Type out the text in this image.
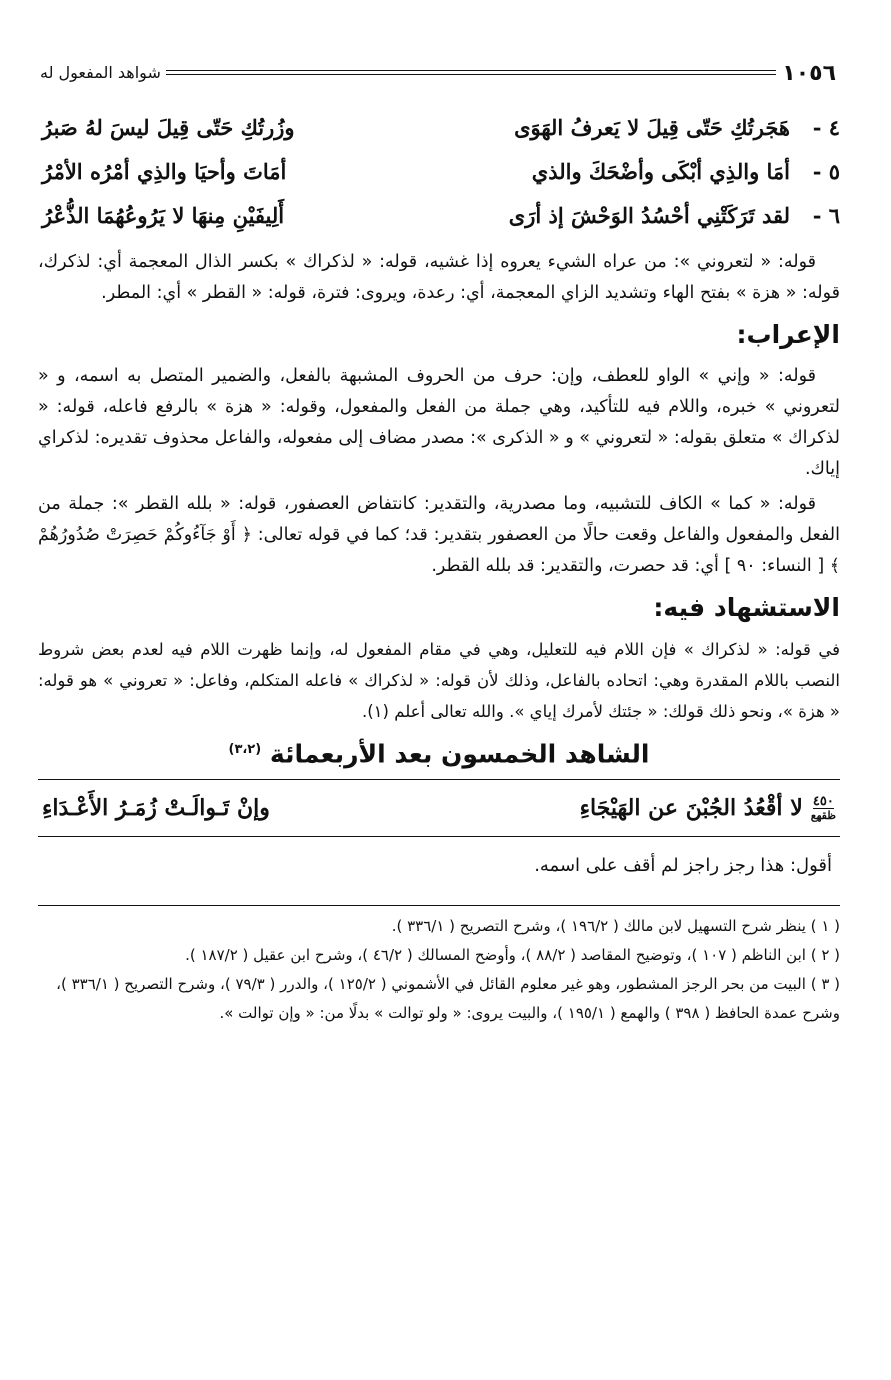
١٠٥٦
شواهد المفعول له
٤ -
هَجَرتُكِ حَتّى قِيلَ لا يَعرفُ الهَوَى
وزُرتُكِ حَتّى قِيلَ ليسَ لهُ صَبرُ
٥ -
أمَا والذِي أبْكَى وأضْحَكَ والذي
أمَاتَ وأحيَا والذِي أمْرُه الأمْرُ
٦ -
لقد تَرَكَتْنِي أحْسُدُ الوَحْشَ إذ أرَى
أَلِيفَيْنِ مِنهَا لا يَرُوعُهُمَا الذُّعْرُ

قوله: « لتعروني »: من عراه الشيء يعروه إذا غشيه، قوله: « لذكراك » بكسر الذال المعجمة أي: لذكرك، قوله: « هزة » بفتح الهاء وتشديد الزاي المعجمة، أي: رعدة، ويروى: فترة، قوله: « القطر » أي: المطر.

الإعراب:

قوله: « وإني » الواو للعطف، وإن: حرف من الحروف المشبهة بالفعل، والضمير المتصل به اسمه، و « لتعروني » خبره، واللام فيه للتأكيد، وهي جملة من الفعل والمفعول، وقوله: « هزة » بالرفع فاعله، قوله: « لذكراك » متعلق بقوله: « لتعروني » و « الذكرى »: مصدر مضاف إلى مفعوله، والفاعل محذوف تقديره: لذكراي إياك.

قوله: « كما » الكاف للتشبيه، وما مصدرية، والتقدير: كانتفاض العصفور، قوله: « بلله القطر »: جملة من الفعل والمفعول والفاعل وقعت حالًا من العصفور بتقدير: قد؛ كما في قوله تعالى: ﴿ أَوْ جَآءُوكُمْ حَصِرَتْ صُدُورُهُمْ ﴾ [ النساء: ٩٠ ] أي: قد حصرت، والتقدير: قد بلله القطر.

الاستشهاد فيه:

في قوله: « لذكراك » فإن اللام فيه للتعليل، وهي في مقام المفعول له، وإنما ظهرت اللام فيه لعدم بعض شروط النصب باللام المقدرة وهي: اتحاده بالفاعل، وذلك لأن قوله: « لذكراك » فاعله المتكلم، وفاعل: « تعروني » هو قوله: « هزة »، ونحو ذلك قولك: « جئتك لأمرك إياي ». والله تعالى أعلم (١).

الشاهد الخمسون بعد الأربعمائة $^{(٣،٢)}$
٤٥٠
ظقهع
لا أقْعُدُ الجُبْنَ عن الهَيْجَاءِ
وإنْ تَـوالَـتْ زُمَـرُ الأَعْـدَاءِ
أقول: هذا رجز راجز لم أقف على اسمه.
( ١ ) ينظر شرح التسهيل لابن مالك ( ١٩٦/٢ )، وشرح التصريح ( ٣٣٦/١ ).
( ٢ ) ابن الناظم ( ١٠٧ )، وتوضيح المقاصد ( ٨٨/٢ )، وأوضح المسالك ( ٤٦/٢ )، وشرح ابن عقيل ( ١٨٧/٢ ).
( ٣ ) البيت من بحر الرجز المشطور، وهو غير معلوم القائل في الأشموني ( ١٢٥/٢ )، والدرر ( ٧٩/٣ )، وشرح التصريح ( ٣٣٦/١ )، وشرح عمدة الحافظ ( ٣٩٨ ) والهمع ( ١٩٥/١ )، والبيت يروى: « ولو توالت » بدلًا من: « وإن توالت ».
